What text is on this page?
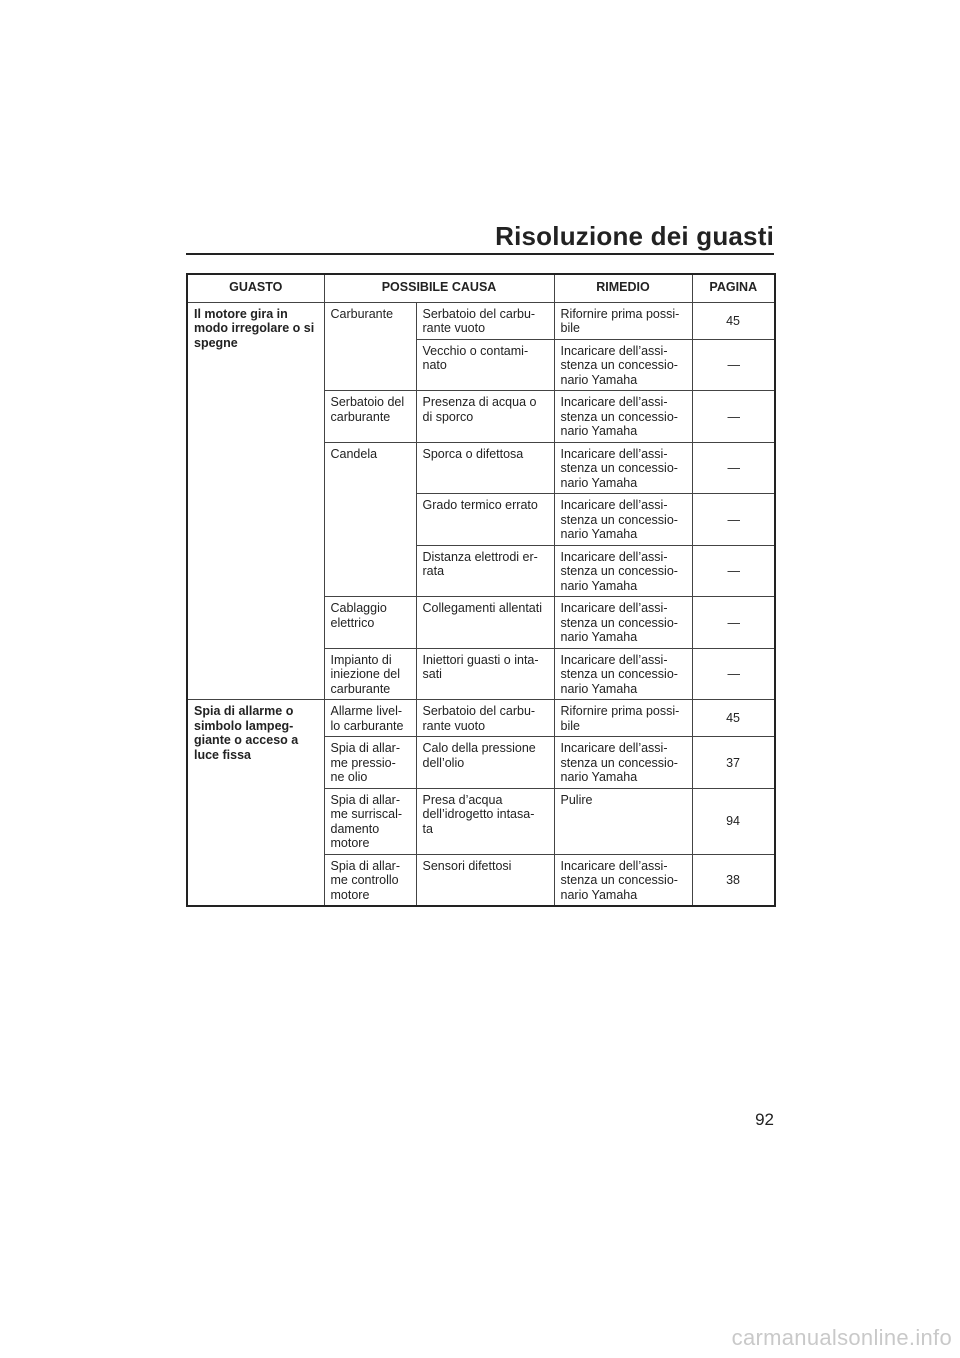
Risoluzione dei guasti
GUASTO	POSSIBILE CAUSA		RIMEDIO	PAGINA
Il motore gira in
modo irregolare o si
spegne	Carburante	Serbatoio del carbu-
rante vuoto	Rifornire prima possi-
bile	45
		Vecchio o contami-
nato	Incaricare dell’assi-
stenza un concessio-
nario Yamaha	—
	Serbatoio del
carburante	Presenza di acqua o
di sporco	Incaricare dell’assi-
stenza un concessio-
nario Yamaha	—
	Candela	Sporca o difettosa	Incaricare dell’assi-
stenza un concessio-
nario Yamaha	—
		Grado termico errato	Incaricare dell’assi-
stenza un concessio-
nario Yamaha	—
		Distanza elettrodi er-
rata	Incaricare dell’assi-
stenza un concessio-
nario Yamaha	—
	Cablaggio
elettrico	Collegamenti allentati	Incaricare dell’assi-
stenza un concessio-
nario Yamaha	—
	Impianto di
iniezione del
carburante	Iniettori guasti o inta-
sati	Incaricare dell’assi-
stenza un concessio-
nario Yamaha	—
Spia di allarme o
simbolo lampeg-
giante o acceso a
luce fissa	Allarme livel-
lo carburante	Serbatoio del carbu-
rante vuoto	Rifornire prima possi-
bile	45
	Spia di allar-
me pressio-
ne olio	Calo della pressione
dell’olio	Incaricare dell’assi-
stenza un concessio-
nario Yamaha	37
	Spia di allar-
me surriscal-
damento
motore	Presa d’acqua
dell’idrogetto intasa-
ta	Pulire	94
	Spia di allar-
me controllo
motore	Sensori difettosi	Incaricare dell’assi-
stenza un concessio-
nario Yamaha	38
92
carmanualsonline.info
